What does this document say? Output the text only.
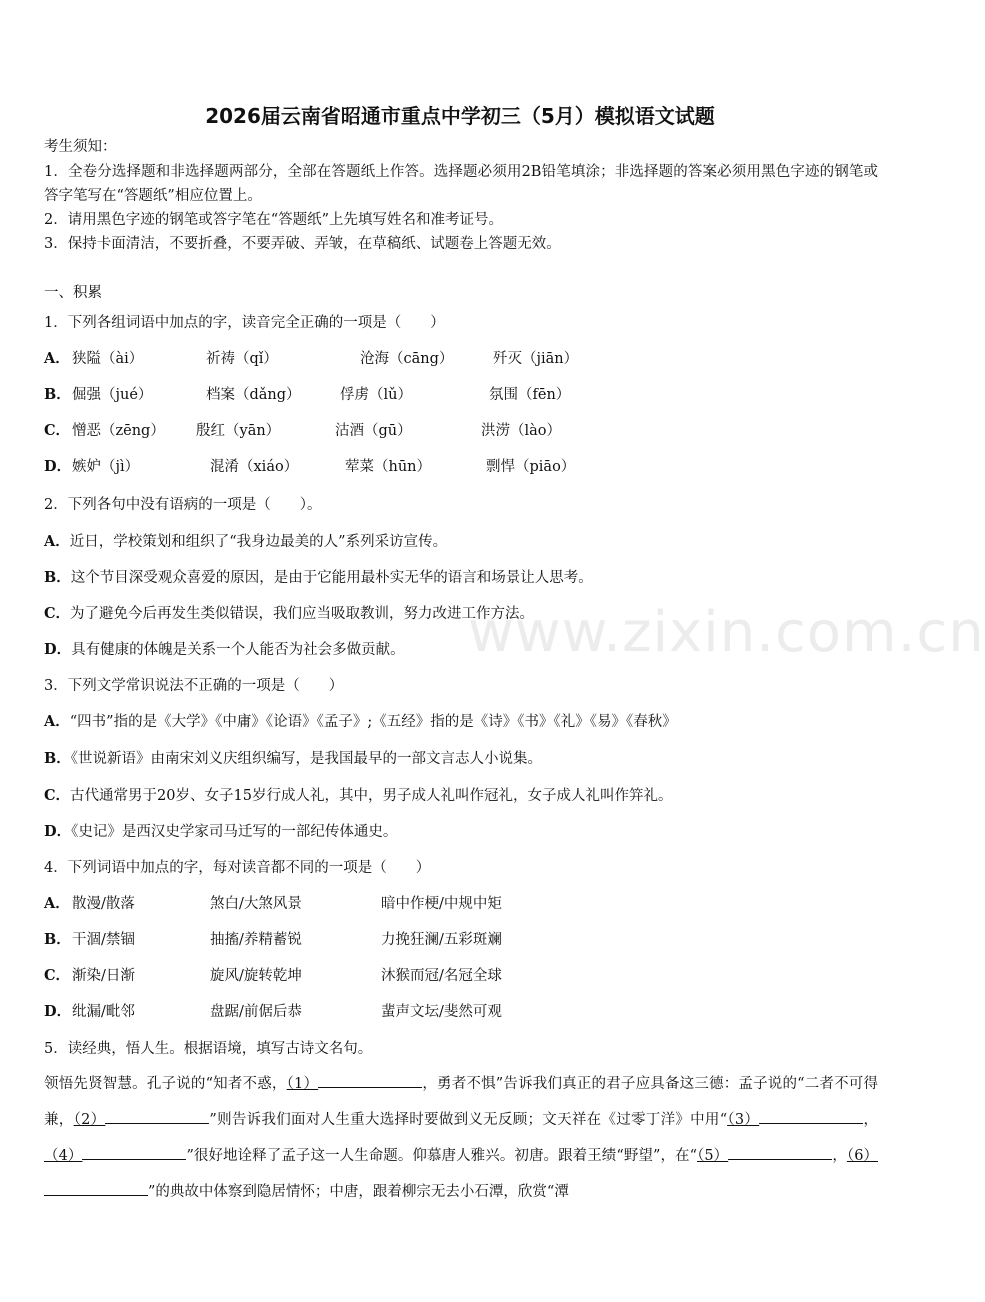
2026届云南省昭通市重点中学初三（5月）模拟语文试题
考生须知：
1．全卷分选择题和非选择题两部分，全部在答题纸上作答。选择题必须用2B铅笔填涂；非选择题的答案必须用黑色字迹的钢笔或答字笔写在“答题纸”相应位置上。
2．请用黑色字迹的钢笔或答字笔在“答题纸”上先填写姓名和准考证号。
3．保持卡面清洁，不要折叠，不要弄破、弄皱，在草稿纸、试题卷上答题无效。
一、积累
1．下列各组词语中加点的字，读音完全正确的一项是（　　）
A． 狭隘（ài）	祈祷（qǐ）	沧海（cāng）	歼灭（jiān）
B． 倔强（jué）	档案（dǎng）	俘虏（lǔ）	氛围（fēn）
C． 憎恶（zēng） 殷红（yān）	沽酒（gū）	洪涝（lào）
D． 嫉妒（jì）	混淆（xiáo）	荤菜（hūn）	剽悍（piāo）
2．下列各句中没有语病的一项是（　　）。
A．近日，学校策划和组织了“我身边最美的人”系列采访宣传。
B．这个节目深受观众喜爱的原因，是由于它能用最朴实无华的语言和场景让人思考。
C．为了避免今后再发生类似错误，我们应当吸取教训，努力改进工作方法。
D．具有健康的体魄是关系一个人能否为社会多做贡献。
3．下列文学常识说法不正确的一项是（　　）
A．“四书”指的是《大学》《中庸》《论语》《孟子》;《五经》指的是《诗》《书》《礼》《易》《春秋》
B．《世说新语》由南宋刘义庆组织编写，是我国最早的一部文言志人小说集。
C．古代通常男于20岁、女子15岁行成人礼，其中，男子成人礼叫作冠礼，女子成人礼叫作笄礼。
D．《史记》是西汉史学家司马迁写的一部纪传体通史。
4．下列词语中加点的字，每对读音都不同的一项是（　　）
A． 散漫/散落	煞白/大煞风景	暗中作梗/中规中矩
B． 干涸/禁锢	抽搐/养精蓄锐	力挽狂澜/五彩斑斓
C． 渐染/日渐	旋风/旋转乾坤	沐猴而冠/名冠全球
D． 纰漏/毗邻	盘踞/前倨后恭	蜚声文坛/斐然可观
5．读经典，悟人生。根据语境，填写古诗文名句。
领悟先贤智慧。孔子说的“知者不惑，（1）	，勇者不惧”告诉我们真正的君子应具备这三德：孟子说的“二者不可得兼，（2）	”则告诉我们面对人生重大选择时要做到义无反顾；文天祥在《过零丁洋》中用“（3）	，（4）	”很好地诠释了孟子这一人生命题。仰慕唐人雅兴。初唐。跟着王绩“野望”，在“（5）	，（6）”的典故中体察到隐居情怀；中唐，跟着柳宗无去小石潭，欣赏“潭
www.zixin.com.cn
